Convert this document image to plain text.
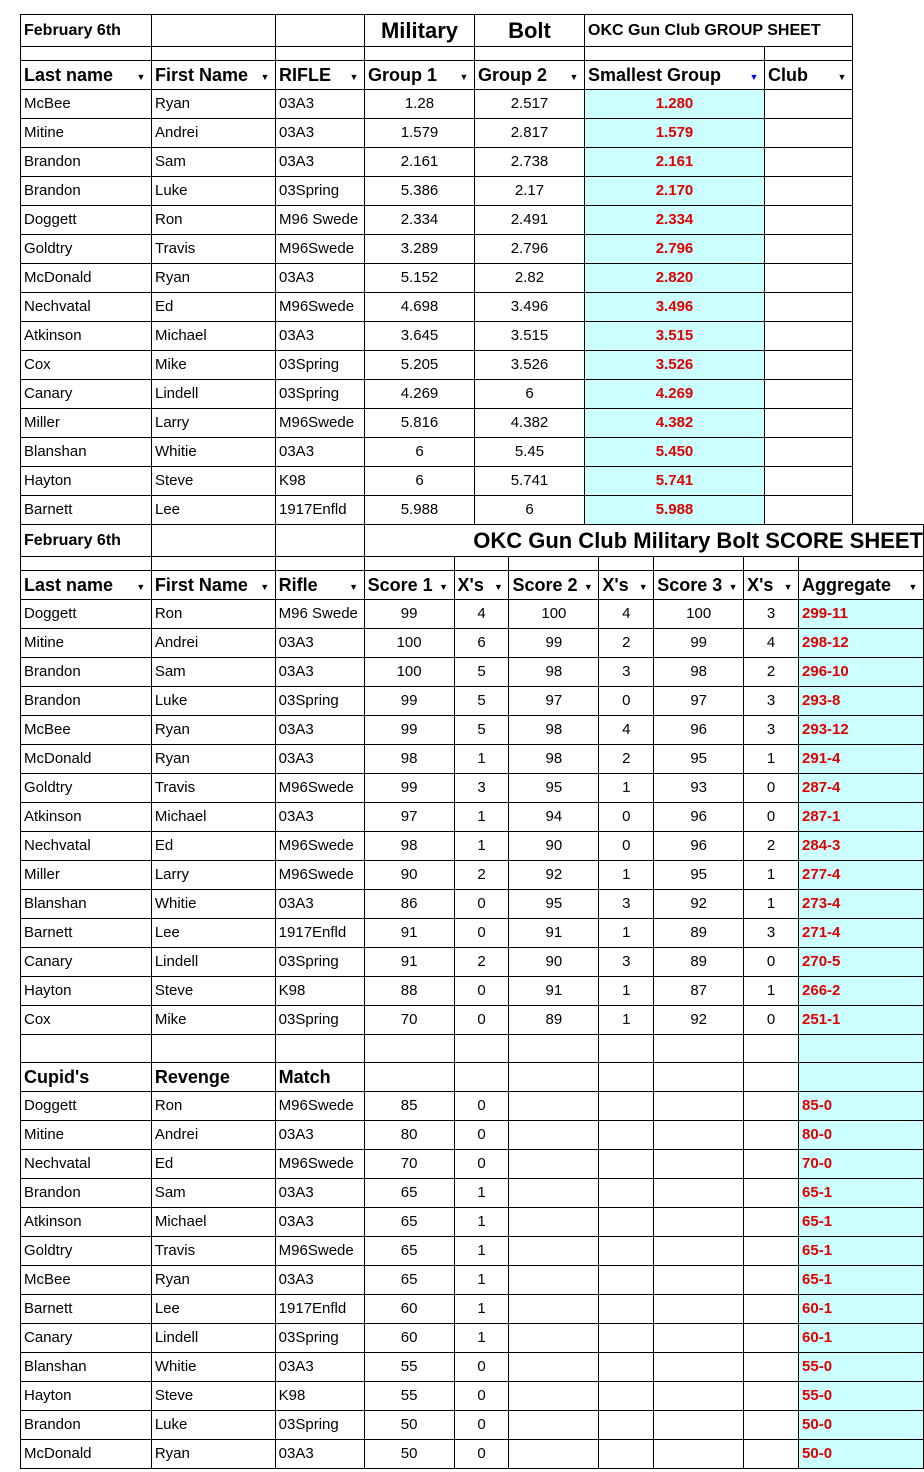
February 6th			Military	Bolt	OKC Gun Club GROUP SHEET	

Last name ▼	First Name ▼	RIFLE ▼	Group 1 ▼	Group 2 ▼	Smallest Group ▼	Club ▼

McBee	Ryan	03A3	1.28	2.517	1.280	
Mitine	Andrei	03A3	1.579	2.817	1.579	
Brandon	Sam	03A3	2.161	2.738	2.161	
Brandon	Luke	03Spring	5.386	2.17	2.170	
Doggett	Ron	M96 Swede	2.334	2.491	2.334	
Goldtry	Travis	M96Swede	3.289	2.796	2.796	
McDonald	Ryan	03A3	5.152	2.82	2.820	
Nechvatal	Ed	M96Swede	4.698	3.496	3.496	
Atkinson	Michael	03A3	3.645	3.515	3.515	
Cox	Mike	03Spring	5.205	3.526	3.526	
Canary	Lindell	03Spring	4.269	6	4.269	
Miller	Larry	M96Swede	5.816	4.382	4.382	
Blanshan	Whitie	03A3	6	5.45	5.450	
Hayton	Steve	K98	6	5.741	5.741	
Barnett	Lee	1917Enfld	5.988	6	5.988	
February 6th			OKC Gun Club Military Bolt SCORE SHEET						

Last name ▼	First Name ▼	Rifle ▼	Score 1 ▼	X's ▼	Score 2 ▼	X's ▼	Score 3 ▼	X's ▼	Aggregate ▼

Doggett	Ron	M96 Swede	99	4	100	4	100	3	299-11
Mitine	Andrei	03A3	100	6	99	2	99	4	298-12
Brandon	Sam	03A3	100	5	98	3	98	2	296-10
Brandon	Luke	03Spring	99	5	97	0	97	3	293-8
McBee	Ryan	03A3	99	5	98	4	96	3	293-12
McDonald	Ryan	03A3	98	1	98	2	95	1	291-4
Goldtry	Travis	M96Swede	99	3	95	1	93	0	287-4
Atkinson	Michael	03A3	97	1	94	0	96	0	287-1
Nechvatal	Ed	M96Swede	98	1	90	0	96	2	284-3
Miller	Larry	M96Swede	90	2	92	1	95	1	277-4
Blanshan	Whitie	03A3	86	0	95	3	92	1	273-4
Barnett	Lee	1917Enfld	91	0	91	1	89	3	271-4
Canary	Lindell	03Spring	91	2	90	3	89	0	270-5
Hayton	Steve	K98	88	0	91	1	87	1	266-2
Cox	Mike	03Spring	70	0	89	1	92	0	251-1

Cupid's	Revenge	Match							
Doggett	Ron	M96Swede	85	0					85-0
Mitine	Andrei	03A3	80	0					80-0
Nechvatal	Ed	M96Swede	70	0					70-0
Brandon	Sam	03A3	65	1					65-1
Atkinson	Michael	03A3	65	1					65-1
Goldtry	Travis	M96Swede	65	1					65-1
McBee	Ryan	03A3	65	1					65-1
Barnett	Lee	1917Enfld	60	1					60-1
Canary	Lindell	03Spring	60	1					60-1
Blanshan	Whitie	03A3	55	0					55-0
Hayton	Steve	K98	55	0					55-0
Brandon	Luke	03Spring	50	0					50-0
McDonald	Ryan	03A3	50	0					50-0
